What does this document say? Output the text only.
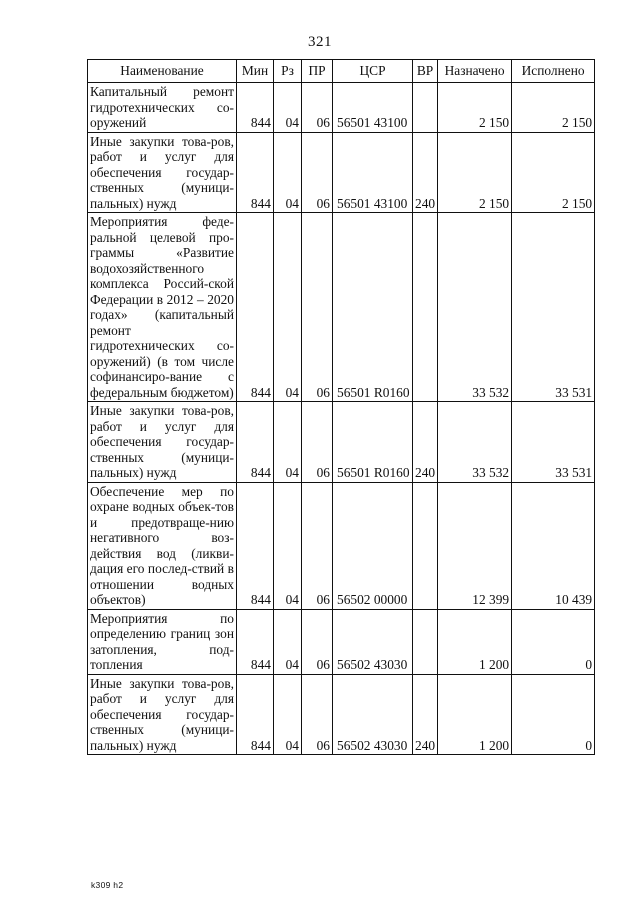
321
Наименование	Мин	Рз	ПР	ЦСР	ВР	Назначено	Исполнено
Капитальный ремонт гидротехнических со-оружений	844	04	06	56501 43100		2 150	2 150
Иные закупки това-ров, работ и услуг для обеспечения государ-ственных (муници-пальных) нужд	844	04	06	56501 43100	240	2 150	2 150
Мероприятия феде-ральной целевой про-граммы «Развитие водохозяйственного комплекса Россий-ской Федерации в 2012 – 2020 годах» (капитальный ремонт гидротехнических со-оружений) (в том числе софинансиро-вание с федеральным бюджетом)	844	04	06	56501 R0160		33 532	33 531
Иные закупки това-ров, работ и услуг для обеспечения государ-ственных (муници-пальных) нужд	844	04	06	56501 R0160	240	33 532	33 531
Обеспечение мер по охране водных объек-тов и предотвраще-нию негативного воз-действия вод (ликви-дация его послед-ствий в отношении водных объектов)	844	04	06	56502 00000		12 399	10 439
Мероприятия по определению границ зон затопления, под-топления	844	04	06	56502 43030		1 200	0
Иные закупки това-ров, работ и услуг для обеспечения государ-ственных (муници-пальных) нужд	844	04	06	56502 43030	240	1 200	0
k309 h2
